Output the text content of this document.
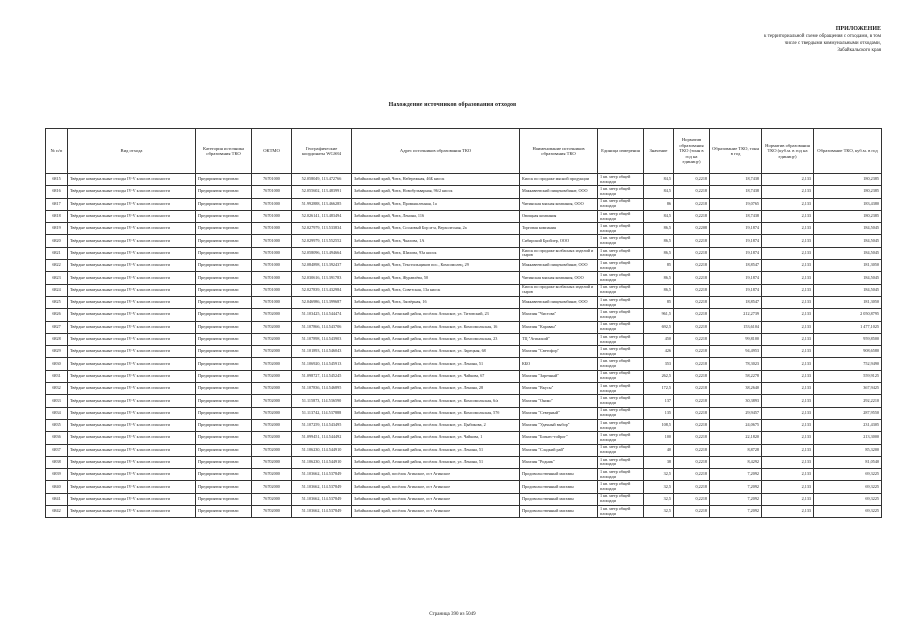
ПРИЛОЖЕНИЕ
к территориальной схеме обращения с отходами, в том
числе с твердыми коммунальными отходами,
Забайкальского края
Нахождение источников образования отходов
№ п/п	Вид отхода	Категория источника образования ТКО	ОКТМО	Географические координаты WGS84	Адрес источников образования ТКО	Наименование источников образования ТКО	Единица измерения	Значение	Норматив образования ТКО (тонн в год на единицу)	Образование ТКО, тонн в год	Норматив образования ТКО (куб.м. в год на единицу)	Образование ТКО, куб.м. в год
6815	Твёрдые коммунальные отходы IV-V классов опасности	Предприятия торговли	76701000	52.058049, 113.472766	Забайкальский край, Чита, Набережная, 46Б киоск	Киоск по продаже мясной продукции	1 кв. метр общей площади	84,5	0,2218	18,7438	2,133	180,2385
6816	Твёрдые коммунальные отходы IV-V классов опасности	Предприятия торговли	76701000	52.055602, 113.483991	Забайкальский край, Чита, Новобульварная, 96/2 киоск	Маккавеевский пищекомбинат, ООО	1 кв. метр общей площади	84,5	0,2218	18,7438	2,133	180,2385
6817	Твёрдые коммунальные отходы IV-V классов опасности	Предприятия торговли	76701000	51.992888, 113.466285	Забайкальский край, Чита, Промышленная, 1а	Читинская мясная компания, ООО	1 кв. метр общей площади	86	0,2218	19,0765	2,133	183,4380
6818	Твёрдые коммунальные отходы IV-V классов опасности	Предприятия торговли	76701000	52.026141, 113.483494	Забайкальский край, Чита, Ленина, 116	Овощная компания	1 кв. метр общей площади	84,5	0,2218	18,7438	2,133	180,2385
6819	Твёрдые коммунальные отходы IV-V классов опасности	Предприятия торговли	76701000	52.027979, 113.533834	Забайкальский край, Чита, Сосновый Бор м-н, Верхолесная, 2а	Торговая компания	1 кв. метр общей площади	86,5	0,2208	19,1874	2,133	184,5045
6820	Твёрдые коммунальные отходы IV-V классов опасности	Предприятия торговли	76701000	52.029979, 113.552552	Забайкальский край, Чита, Чкалова, 1А	Сибирский Бройлер, ООО	1 кв. метр общей площади	86,5	0,2218	19,1874	2,133	184,5045
6821	Твёрдые коммунальные отходы IV-V классов опасности	Предприятия торговли	76701000	52.058096, 113.494664	Забайкальский край, Чита, Шилова, 93а киоск	Киоск по продаже колбасных изделий и сыров	1 кв. метр общей площади	86,5	0,2218	19,1874	2,133	184,5045
6822	Твёрдые коммунальные отходы IV-V классов опасности	Предприятия торговли	76701000	52.084898, 113.392437	Забайкальский край, Чита, Текстильщиков пос., Комсомолец, 29	Маккавеевский пищекомбинат, ООО	1 кв. метр общей площади	85	0,2218	18,8547	2,133	181,3050
6823	Твёрдые коммунальные отходы IV-V классов опасности	Предприятия торговли	76701000	52.030616, 113.391783	Забайкальский край, Чита, Журавлёва, 50	Читинская мясная компания, ООО	1 кв. метр общей площади	86,5	0,2218	19,1874	2,133	184,5045
6824	Твёрдые коммунальные отходы IV-V классов опасности	Предприятия торговли	76701000	52.027839, 113.432984	Забайкальский край, Чита, Советская, 13а киоск	Киоск по продаже колбасных изделий и сыров	1 кв. метр общей площади	86,5	0,2218	19,1874	2,133	184,5045
6825	Твёрдые коммунальные отходы IV-V классов опасности	Предприятия торговли	76701000	52.046986, 113.399687	Забайкальский край, Чита, Заозёрная, 16	Маккавеевский пищекомбинат, ООО	1 кв. метр общей площади	85	0,2218	18,8547	2,133	181,3050
6826	Твёрдые коммунальные отходы IV-V классов опасности	Предприятия торговли	76702000	51.103425, 114.544474	Забайкальский край, Агинский район, посёлок Агинское, ул. Титовский, 23	Магазин "Чистова"	1 кв. метр общей площади	961,5	0,2218	212,2739	2,133	2 050,8795
6827	Твёрдые коммунальные отходы IV-V классов опасности	Предприятия торговли	76702000	51.107866, 114.543706	Забайкальский край, Агинский район, посёлок Агинское, ул. Комсомольская, 16	Магазин "Караван"	1 кв. метр общей площади	692,5	0,2218	153,6104	2,133	1 477,1025
6828	Твёрдые коммунальные отходы IV-V классов опасности	Предприятия торговли	76702000	51.107898, 114.543903	Забайкальский край, Агинский район, посёлок Агинское, ул. Комсомольская, 23	ТЦ "Агинский"	1 кв. метр общей площади	450	0,2218	99,8100	2,133	959,8500
6829	Твёрдые коммунальные отходы IV-V классов опасности	Предприятия торговли	76702000	51.101893, 114.546043	Забайкальский край, Агинский район, посёлок Агинское, ул. Зарецкая, 68	Магазин "Светофор"	1 кв. метр общей площади	426	0,2218	94,4953	2,133	908,6580
6830	Твёрдые коммунальные отходы IV-V классов опасности	Предприятия торговли	76702000	51.106920, 114.545913	Забайкальский край, Агинский район, посёлок Агинское, ул. Ленина, 51	КБО	1 кв. метр общей площади	353	0,2218	78,3023	2,133	752,9490
6831	Твёрдые коммунальные отходы IV-V классов опасности	Предприятия торговли	76702000	51.098727, 114.545245	Забайкальский край, Агинский район, посёлок Агинское, ул. Чайкова, 67	Магазин "Заречный"	1 кв. метр общей площади	262,5	0,2218	58,2278	2,133	559,9125
6832	Твёрдые коммунальные отходы IV-V классов опасности	Предприятия торговли	76702000	51.107836, 114.546895	Забайкальский край, Агинский район, посёлок Агинское, ул. Ленина, 28	Магазин "Вкусы"	1 кв. метр общей площади	172,5	0,2218	38,2640	2,133	367,9425
6833	Твёрдые коммунальные отходы IV-V классов опасности	Предприятия торговли	76702000	51.115873, 114.536590	Забайкальский край, Агинский район, посёлок Агинское, ул. Комсомольская, 6/а	Магазин "Оникс"	1 кв. метр общей площади	137	0,2218	30,3893	2,133	292,2210
6834	Твёрдые коммунальные отходы IV-V классов опасности	Предприятия торговли	76702000	51.113742, 114.537888	Забайкальский край, Агинский район, посёлок Агинское, ул. Комсомольская, 57б	Магазин "Северный"	1 кв. метр общей площади	135	0,2218	29,9457	2,133	287,9550
6835	Твёрдые коммунальные отходы IV-V классов опасности	Предприятия торговли	76702000	51.107259, 114.543495	Забайкальский край, Агинский район, посёлок Агинское, ул. Цыбикова, 2	Магазин "Удачный выбор"	1 кв. метр общей площади	108,5	0,2218	24,0675	2,133	231,4305
6836	Твёрдые коммунальные отходы IV-V классов опасности	Предприятия торговли	76702000	51.099451, 114.544492	Забайкальский край, Агинский район, посёлок Агинское, ул. Чайкова, 1	Магазин "Бизнес-тойрог"	1 кв. метр общей площади	100	0,2218	22,1820	2,133	213,3000
6837	Твёрдые коммунальные отходы IV-V классов опасности	Предприятия торговли	76702000	51.106230, 114.544910	Забайкальский край, Агинский район, посёлок Агинское, ул. Ленина, 51	Магазин "Сладкий рай"	1 кв. метр общей площади	40	0,2218	8,8728	2,133	85,3200
6838	Твёрдые коммунальные отходы IV-V классов опасности	Предприятия торговли	76702000	51.106230, 114.544910	Забайкальский край, Агинский район, посёлок Агинское, ул. Ленина, 51	Магазин "Родник"	1 кв. метр общей площади	38	0,2218	8,4292	2,133	81,0540
6839	Твёрдые коммунальные отходы IV-V классов опасности	Предприятия торговли	76702000	51.103662, 114.537849	Забайкальский край, посёлок Агинское, ост Агинское	Продовольственный магазин	1 кв. метр общей площади	32,5	0,2218	7,2092	2,133	69,3225
6840	Твёрдые коммунальные отходы IV-V классов опасности	Предприятия торговли	76702000	51.103662, 114.537849	Забайкальский край, посёлок Агинское, ост Агинское	Продовольственный магазин	1 кв. метр общей площади	32,5	0,2218	7,2092	2,133	69,3225
6841	Твёрдые коммунальные отходы IV-V классов опасности	Предприятия торговли	76702000	51.103662, 114.537849	Забайкальский край, посёлок Агинское, ост Агинское	Продовольственный магазин	1 кв. метр общей площади	32,5	0,2218	7,2092	2,133	69,3225
6842	Твёрдые коммунальные отходы IV-V классов опасности	Предприятия торговли	76702000	51.103662, 114.537849	Забайкальский край, посёлок Агинское, ост Агинское	Продовольственный магазин	1 кв. метр общей площади	32,5	0,2218	7,2092	2,133	69,3225
Страница 390 из 5049
